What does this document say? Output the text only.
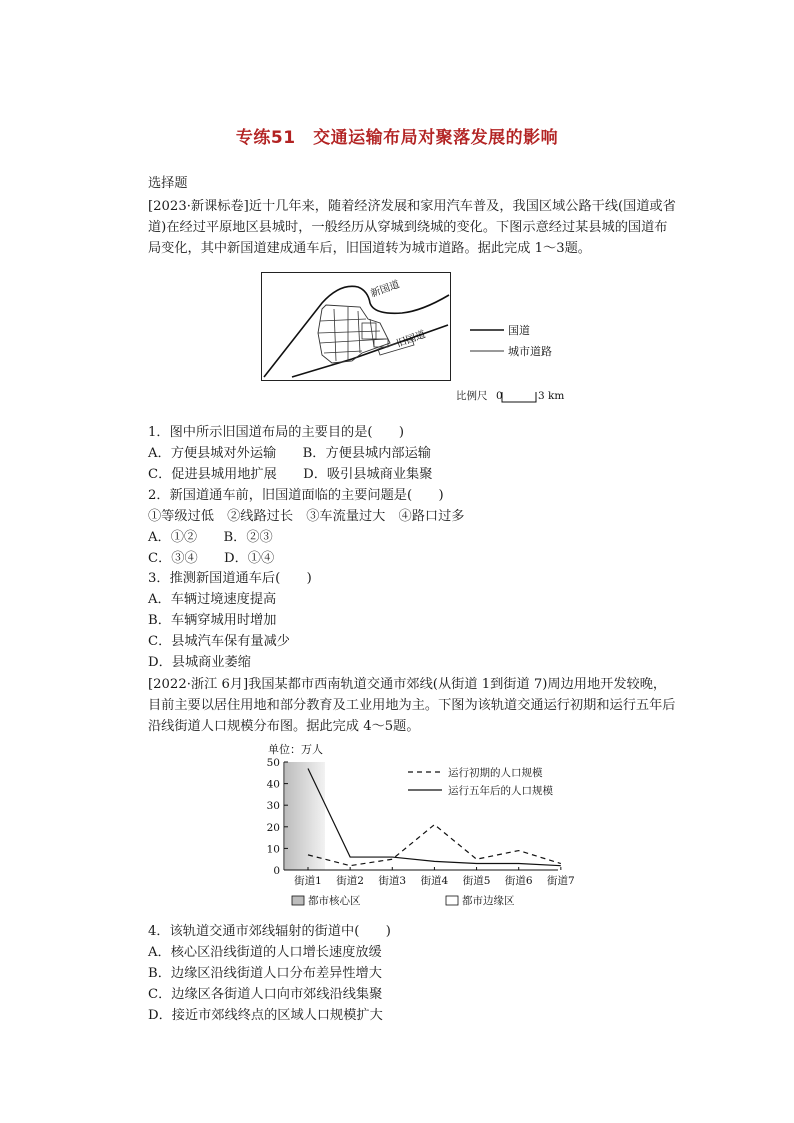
专练51　交通运输布局对聚落发展的影响
选择题
[2023·新课标卷]近十几年来，随着经济发展和家用汽车普及，我国区域公路干线(国道或省道)在经过平原地区县城时，一般经历从穿城到绕城的变化。下图示意经过某县城的国道布局变化，其中新国道建成通车后，旧国道转为城市道路。据此完成 1～3题。
新国道
旧国道	国道
城市道路
比例尺 0	3 km
1．图中所示旧国道布局的主要目的是(　　)
A．方便县城对外运输　　B．方便县城内部运输
C．促进县城用地扩展　　D．吸引县城商业集聚
2．新国道通车前，旧国道面临的主要问题是(　　)
①等级过低　②线路过长　③车流量过大　④路口过多
A．①②　　B．②③
C．③④　　D．①④
3．推测新国道通车后(　　)
A．车辆过境速度提高
B．车辆穿城用时增加
C．县城汽车保有量减少
D．县城商业萎缩
[2022·浙江 6月]我国某都市西南轨道交通市郊线(从街道 1到街道 7)周边用地开发较晚，目前主要以居住用地和部分教育及工业用地为主。下图为该轨道交通运行初期和运行五年后沿线街道人口规模分布图。据此完成 4～5题。
单位：万人
0
10
20
30
40
50
街道1 街道2 街道3 街道4 街道5 街道6 街道7
运行初期的人口规模
运行五年后的人口规模
都市核心区	都市边缘区
4．该轨道交通市郊线辐射的街道中(　　)
A．核心区沿线街道的人口增长速度放缓
B．边缘区沿线街道人口分布差异性增大
C．边缘区各街道人口向市郊线沿线集聚
D．接近市郊线终点的区域人口规模扩大
